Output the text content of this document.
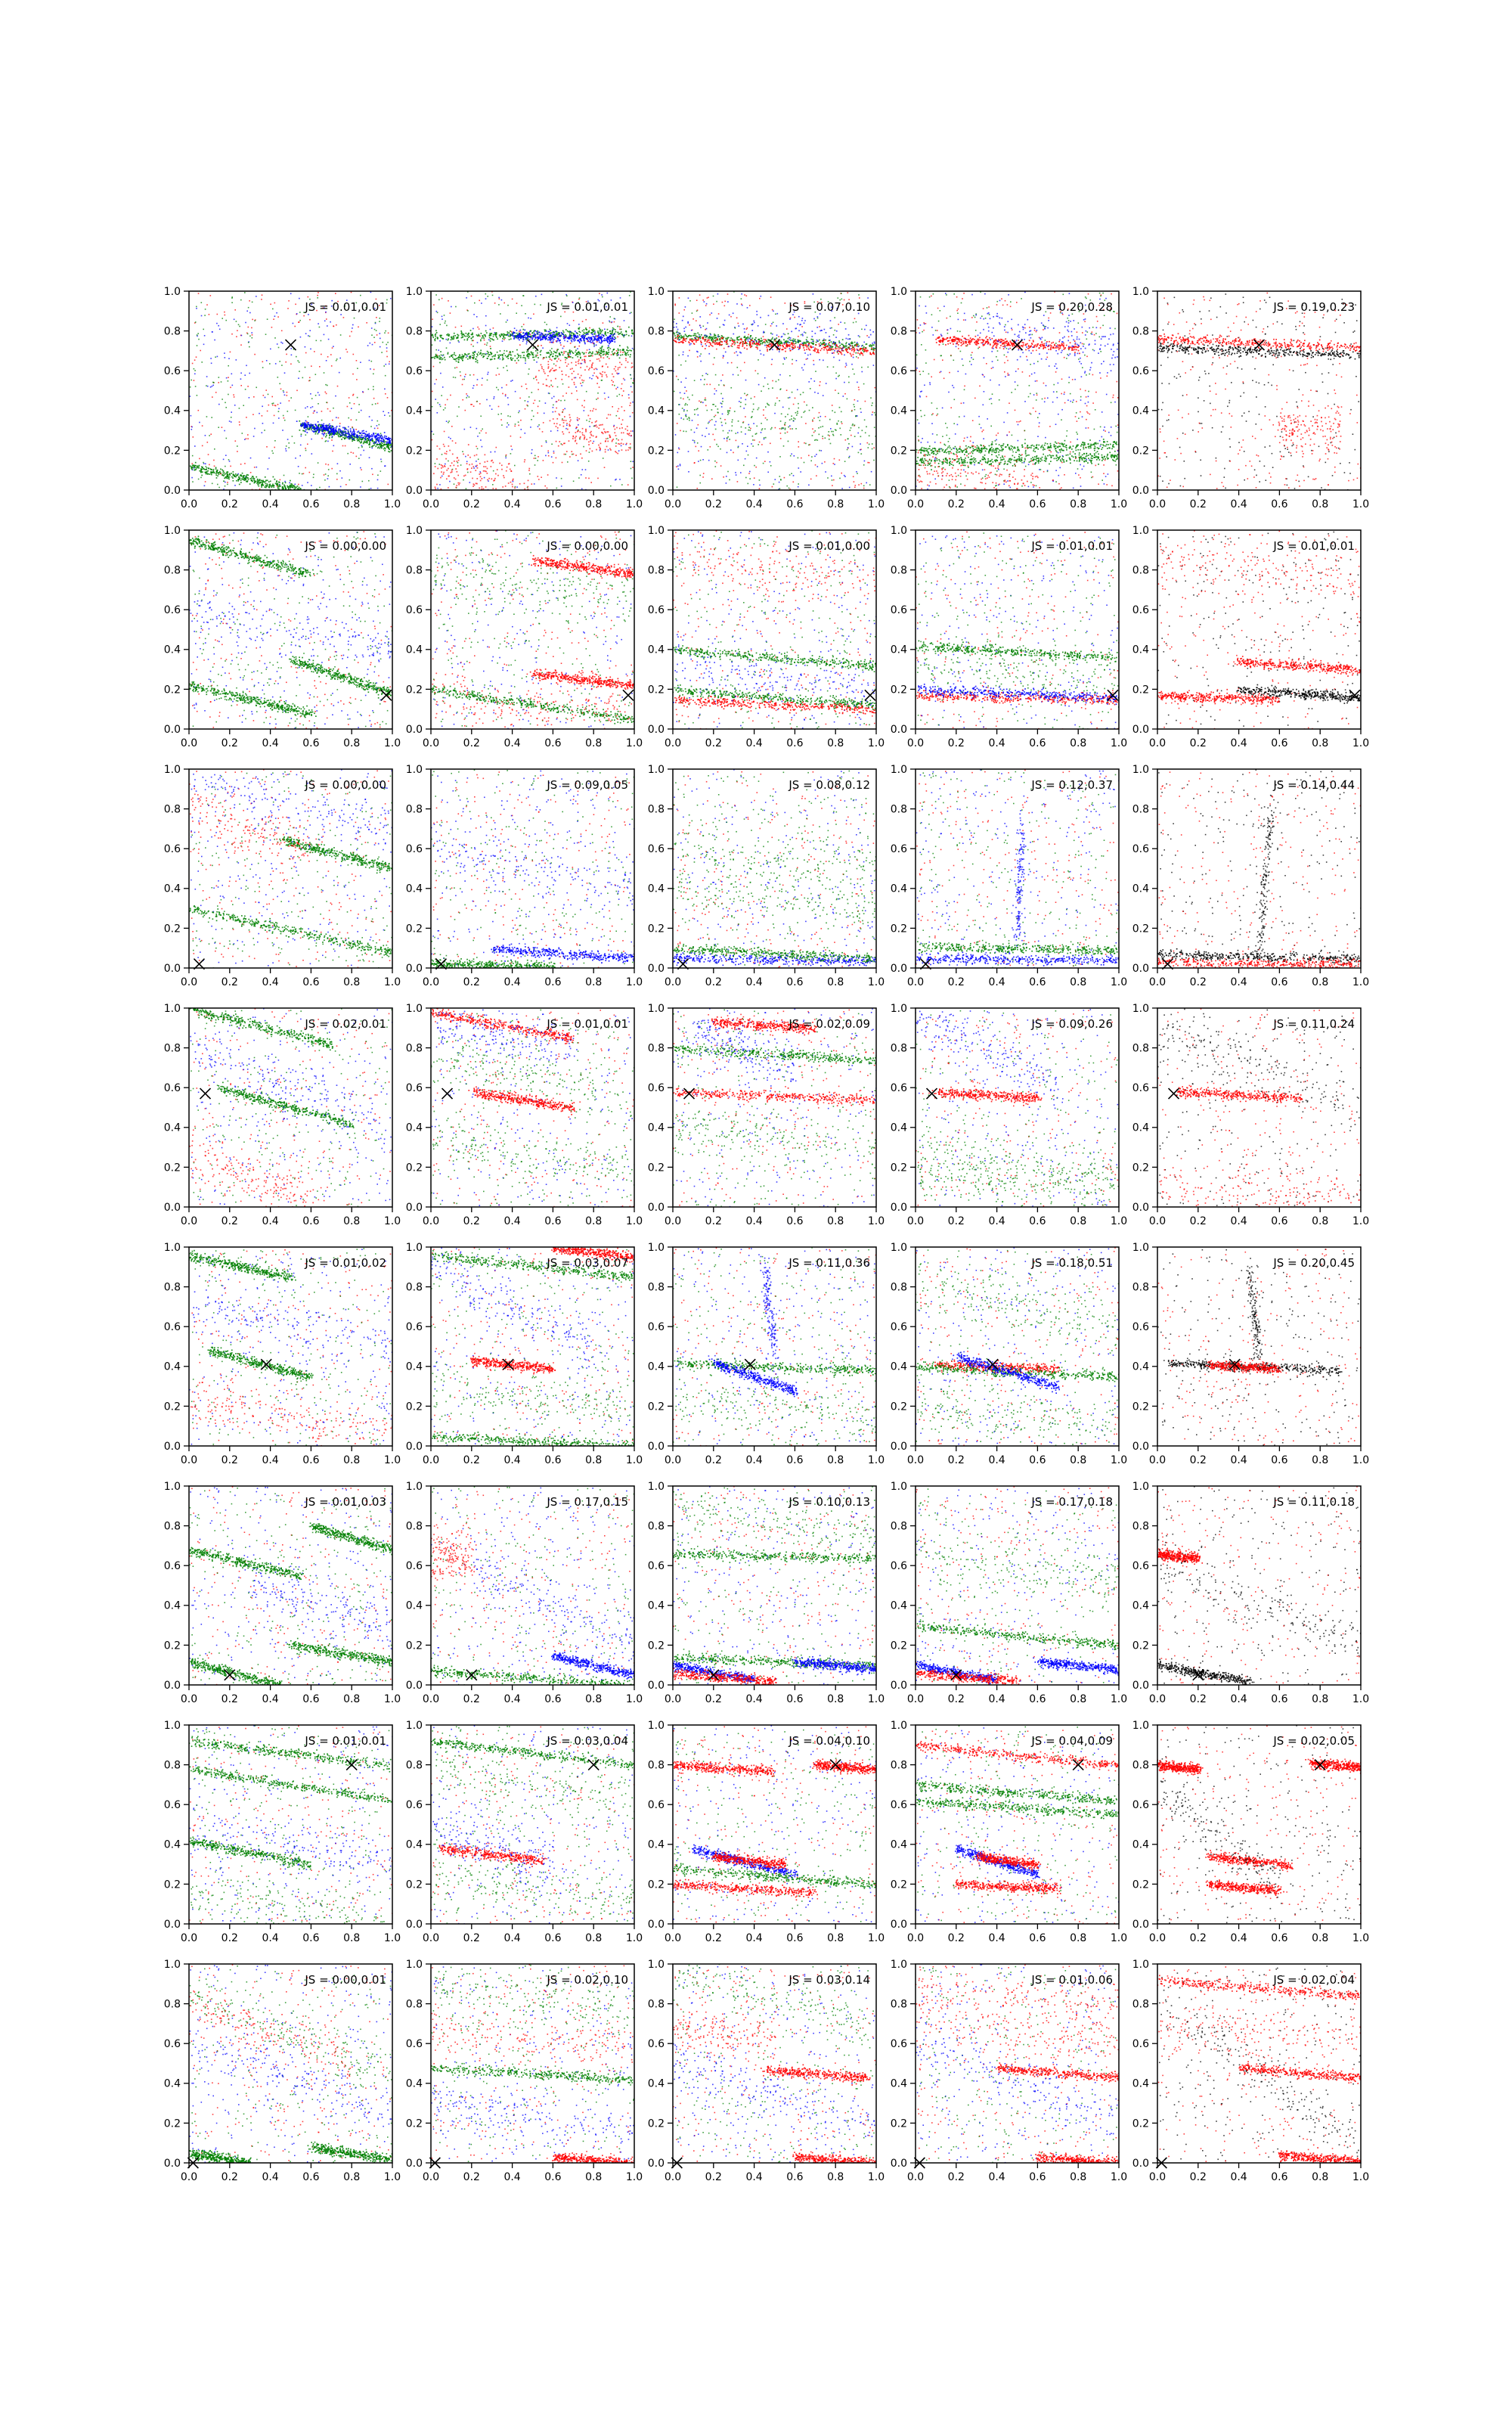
0.0
0.0
0.2
0.2
0.4
0.4
0.6
0.6
0.8
0.8
1.0
1.0
JS = 0.01,0.01
0.0
0.0
0.2
0.2
0.4
0.4
0.6
0.6
0.8
0.8
1.0
1.0
JS = 0.01,0.01
0.0
0.0
0.2
0.2
0.4
0.4
0.6
0.6
0.8
0.8
1.0
1.0
JS = 0.07,0.10
0.0
0.0
0.2
0.2
0.4
0.4
0.6
0.6
0.8
0.8
1.0
1.0
JS = 0.20,0.28
0.0
0.0
0.2
0.2
0.4
0.4
0.6
0.6
0.8
0.8
1.0
1.0
JS = 0.19,0.23
0.0
0.0
0.2
0.2
0.4
0.4
0.6
0.6
0.8
0.8
1.0
1.0
JS = 0.00,0.00
0.0
0.0
0.2
0.2
0.4
0.4
0.6
0.6
0.8
0.8
1.0
1.0
JS = 0.00,0.00
0.0
0.0
0.2
0.2
0.4
0.4
0.6
0.6
0.8
0.8
1.0
1.0
JS = 0.01,0.00
0.0
0.0
0.2
0.2
0.4
0.4
0.6
0.6
0.8
0.8
1.0
1.0
JS = 0.01,0.01
0.0
0.0
0.2
0.2
0.4
0.4
0.6
0.6
0.8
0.8
1.0
1.0
JS = 0.01,0.01
0.0
0.0
0.2
0.2
0.4
0.4
0.6
0.6
0.8
0.8
1.0
1.0
JS = 0.00,0.00
0.0
0.0
0.2
0.2
0.4
0.4
0.6
0.6
0.8
0.8
1.0
1.0
JS = 0.09,0.05
0.0
0.0
0.2
0.2
0.4
0.4
0.6
0.6
0.8
0.8
1.0
1.0
JS = 0.08,0.12
0.0
0.0
0.2
0.2
0.4
0.4
0.6
0.6
0.8
0.8
1.0
1.0
JS = 0.12,0.37
0.0
0.0
0.2
0.2
0.4
0.4
0.6
0.6
0.8
0.8
1.0
1.0
JS = 0.14,0.44
0.0
0.0
0.2
0.2
0.4
0.4
0.6
0.6
0.8
0.8
1.0
1.0
JS = 0.02,0.01
0.0
0.0
0.2
0.2
0.4
0.4
0.6
0.6
0.8
0.8
1.0
1.0
JS = 0.01,0.01
0.0
0.0
0.2
0.2
0.4
0.4
0.6
0.6
0.8
0.8
1.0
1.0
JS = 0.02,0.09
0.0
0.0
0.2
0.2
0.4
0.4
0.6
0.6
0.8
0.8
1.0
1.0
JS = 0.09,0.26
0.0
0.0
0.2
0.2
0.4
0.4
0.6
0.6
0.8
0.8
1.0
1.0
JS = 0.11,0.24
0.0
0.0
0.2
0.2
0.4
0.4
0.6
0.6
0.8
0.8
1.0
1.0
JS = 0.01,0.02
0.0
0.0
0.2
0.2
0.4
0.4
0.6
0.6
0.8
0.8
1.0
1.0
JS = 0.03,0.07
0.0
0.0
0.2
0.2
0.4
0.4
0.6
0.6
0.8
0.8
1.0
1.0
JS = 0.11,0.36
0.0
0.0
0.2
0.2
0.4
0.4
0.6
0.6
0.8
0.8
1.0
1.0
JS = 0.18,0.51
0.0
0.0
0.2
0.2
0.4
0.4
0.6
0.6
0.8
0.8
1.0
1.0
JS = 0.20,0.45
0.0
0.0
0.2
0.2
0.4
0.4
0.6
0.6
0.8
0.8
1.0
1.0
JS = 0.01,0.03
0.0
0.0
0.2
0.2
0.4
0.4
0.6
0.6
0.8
0.8
1.0
1.0
JS = 0.17,0.15
0.0
0.0
0.2
0.2
0.4
0.4
0.6
0.6
0.8
0.8
1.0
1.0
JS = 0.10,0.13
0.0
0.0
0.2
0.2
0.4
0.4
0.6
0.6
0.8
0.8
1.0
1.0
JS = 0.17,0.18
0.0
0.0
0.2
0.2
0.4
0.4
0.6
0.6
0.8
0.8
1.0
1.0
JS = 0.11,0.18
0.0
0.0
0.2
0.2
0.4
0.4
0.6
0.6
0.8
0.8
1.0
1.0
JS = 0.01,0.01
0.0
0.0
0.2
0.2
0.4
0.4
0.6
0.6
0.8
0.8
1.0
1.0
JS = 0.03,0.04
0.0
0.0
0.2
0.2
0.4
0.4
0.6
0.6
0.8
0.8
1.0
1.0
JS = 0.04,0.10
0.0
0.0
0.2
0.2
0.4
0.4
0.6
0.6
0.8
0.8
1.0
1.0
JS = 0.04,0.09
0.0
0.0
0.2
0.2
0.4
0.4
0.6
0.6
0.8
0.8
1.0
1.0
JS = 0.02,0.05
0.0
0.0
0.2
0.2
0.4
0.4
0.6
0.6
0.8
0.8
1.0
1.0
JS = 0.00,0.01
0.0
0.0
0.2
0.2
0.4
0.4
0.6
0.6
0.8
0.8
1.0
1.0
JS = 0.02,0.10
0.0
0.0
0.2
0.2
0.4
0.4
0.6
0.6
0.8
0.8
1.0
1.0
JS = 0.03,0.14
0.0
0.0
0.2
0.2
0.4
0.4
0.6
0.6
0.8
0.8
1.0
1.0
JS = 0.01,0.06
0.0
0.0
0.2
0.2
0.4
0.4
0.6
0.6
0.8
0.8
1.0
1.0
JS = 0.02,0.04
